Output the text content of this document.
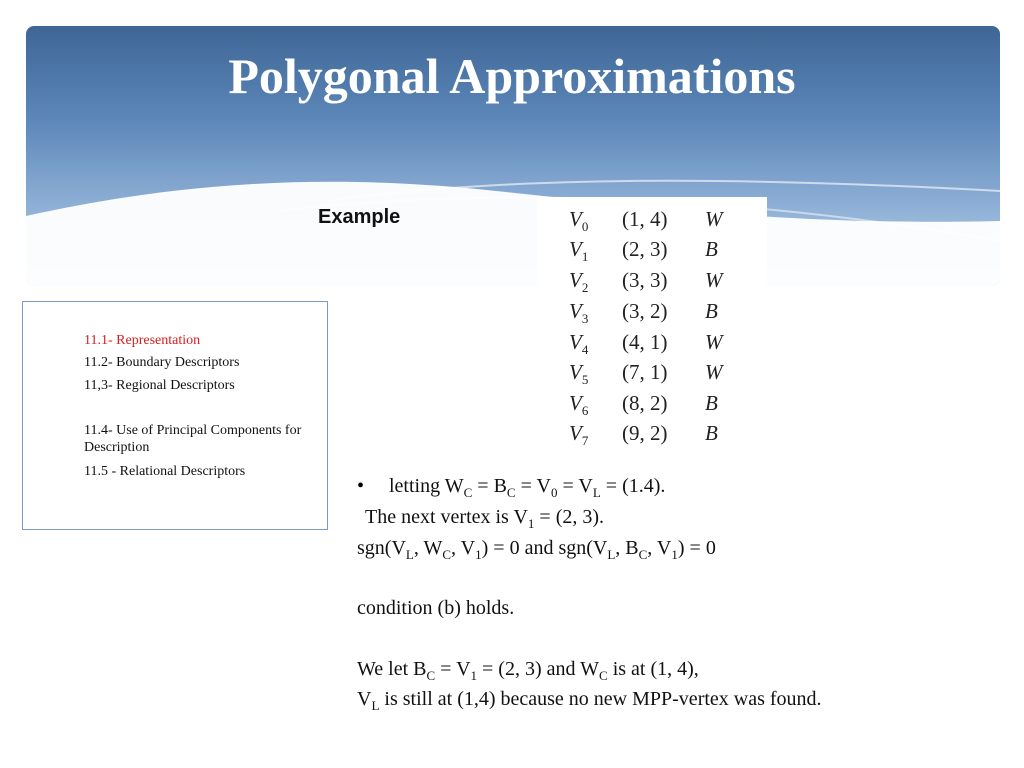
Polygonal Approximations
Example	$V_0$ (1, 4) W
$V_1$ (2, 3) B
$V_2$ (3, 3) W
$V_3$ (3, 2) B
$V_4$ (4, 1) W
$V_5$ (7, 1) W
$V_6$ (8, 2) B
$V_7$ (9, 2) B
11.1- Representation
11.2- Boundary Descriptors
11,3- Regional Descriptors
11.4- Use of Principal Components for Description
11.5 - Relational Descriptors
• letting $W_C = B_C = V_0 = V_L = (1.4)$.
The next vertex is $V_1 = (2$, 3).
$sgn(V_L$, $W_C$, $V_1) = 0$ and $sgn(V_L$, $B_C$, $V_1) = 0$
condition (b) holds.
We let $B_C = V_1 = (2$, 3) and $W_C$ is at (1, 4),
$V_L$ is still at (1,4) because no new MPP-vertex was found.
